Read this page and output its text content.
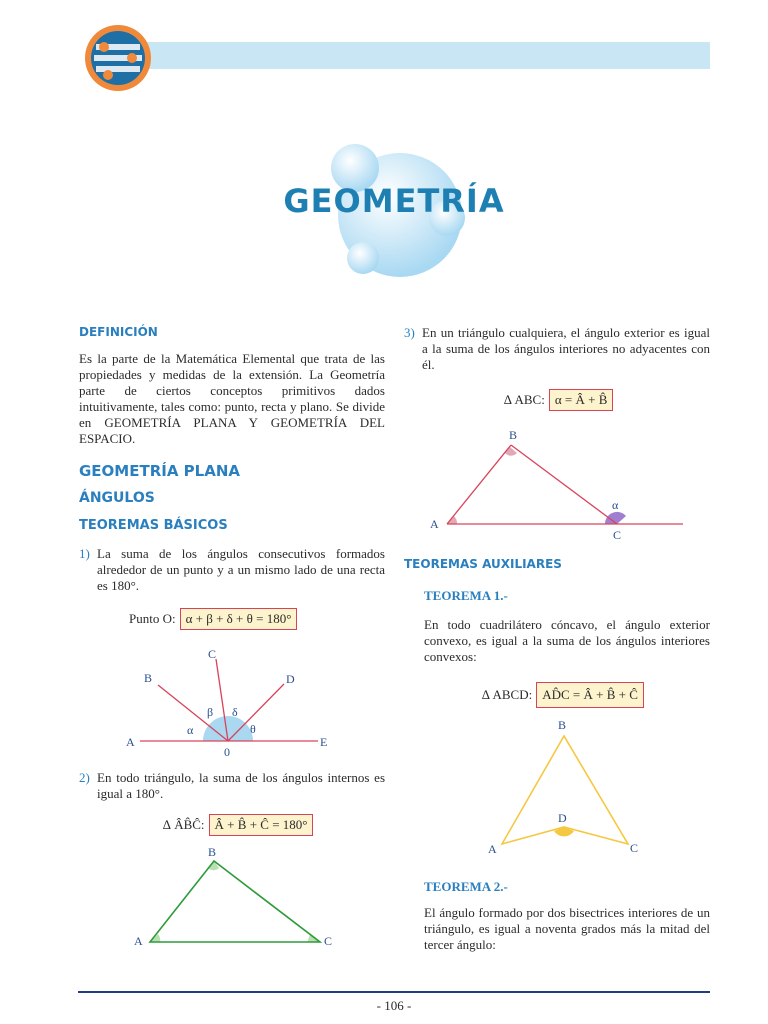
GEOMETRÍA
DEFINICIÓN
Es la parte de la Matemática Elemental que trata de las propiedades y medidas de la extensión. La Geometría parte de ciertos conceptos primitivos dados intuitivamente, tales como: punto, recta y plano. Se divide en GEOMETRÍA PLANA Y GEOMETRÍA DEL ESPACIO.
GEOMETRÍA PLANA
ÁNGULOS
TEOREMAS BÁSICOS
1) La suma de los ángulos consecutivos formados alrededor de un punto y a un mismo lado de una recta es 180°.
Punto O: α + β + δ + θ = 180°
B
C
D
A	E
0
α
β δ
θ
2) En todo triángulo, la suma de los ángulos internos es igual a 180°.
∆ ÂB̂Ĉ: Â + B̂ + Ĉ = 180°
B
A	C
3) En un triángulo cualquiera, el ángulo exterior es igual a la suma de los ángulos interiores no adyacentes con él.
∆ ABC: α = Â + B̂
B
A
C
α
TEOREMAS AUXILIARES
TEOREMA 1.-
En todo cuadrilátero cóncavo, el ángulo exterior convexo, es igual a la suma de los ángulos interiores convexos:
∆ ABCD: AD̂C = Â + B̂ + Ĉ
B
D
A	C
TEOREMA 2.-
El ángulo formado por dos bisectrices interiores de un triángulo, es igual a noventa grados más la mitad del tercer ángulo:
- 106 -
